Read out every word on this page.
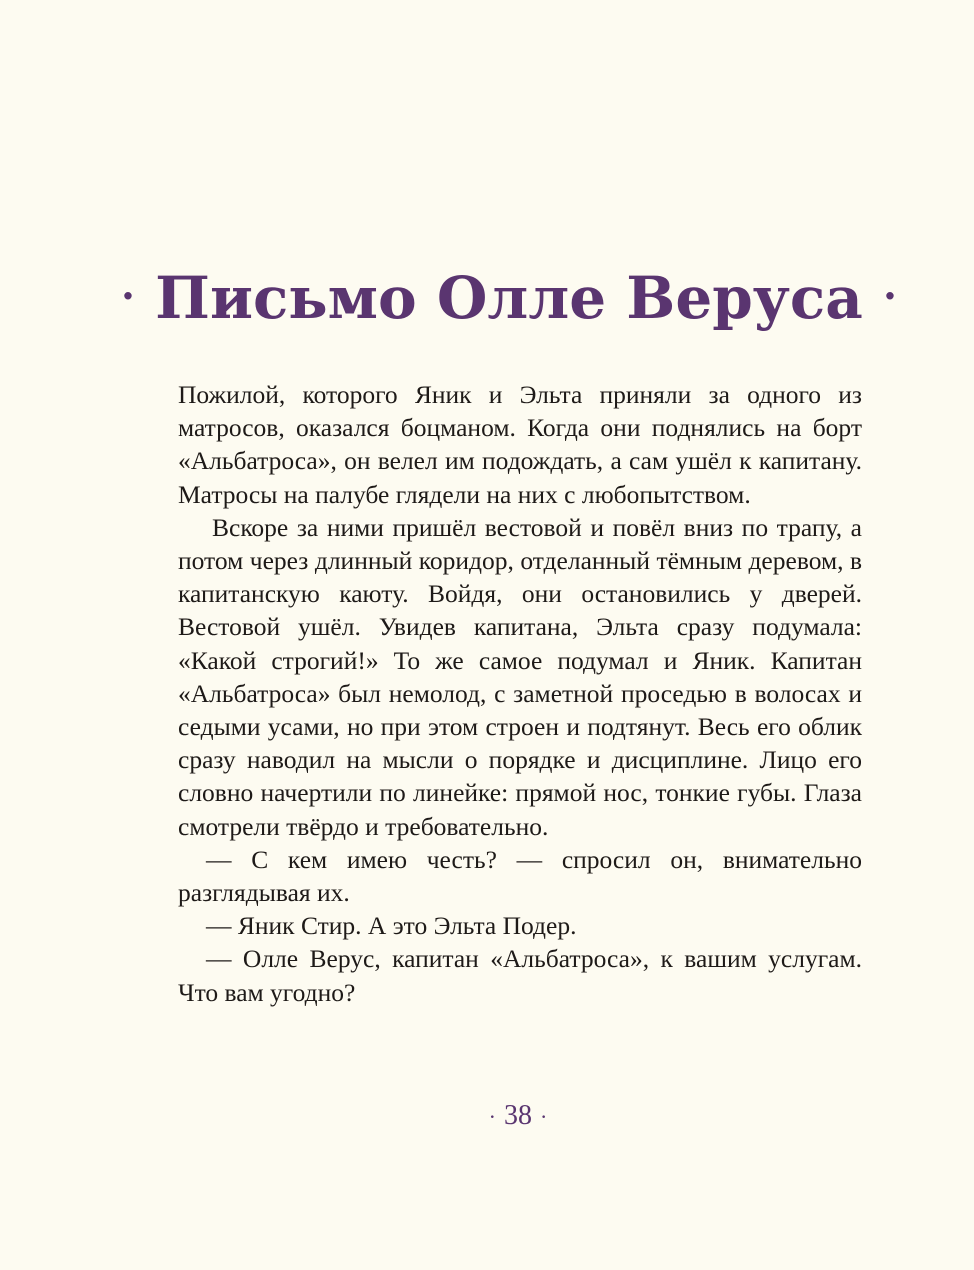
· Письмо Олле Веруса ·

Пожилой, которого Яник и Эльта приняли за одного из матросов, оказался боцманом. Когда они поднялись на борт «Альбатроса», он велел им подождать, а сам ушёл к капитану. Матросы на палубе глядели на них с любопытством.

Вскоре за ними пришёл вестовой и повёл вниз по трапу, а потом через длинный коридор, отделанный тёмным деревом, в капитанскую каюту. Войдя, они остановились у дверей. Вестовой ушёл. Увидев капитана, Эльта сразу подумала: «Какой строгий!» То же самое подумал и Яник. Капитан «Альбатроса» был немолод, с заметной проседью в волосах и седыми усами, но при этом строен и подтянут. Весь его облик сразу наводил на мысли о порядке и дисциплине. Лицо его словно начертили по линейке: прямой нос, тонкие губы. Глаза смотрели твёрдо и требовательно.

— С кем имею честь? — спросил он, внимательно разглядывая их.

— Яник Стир. А это Эльта Подер.

— Олле Верус, капитан «Альбатроса», к вашим услугам. Что вам угодно?

· 38 ·
